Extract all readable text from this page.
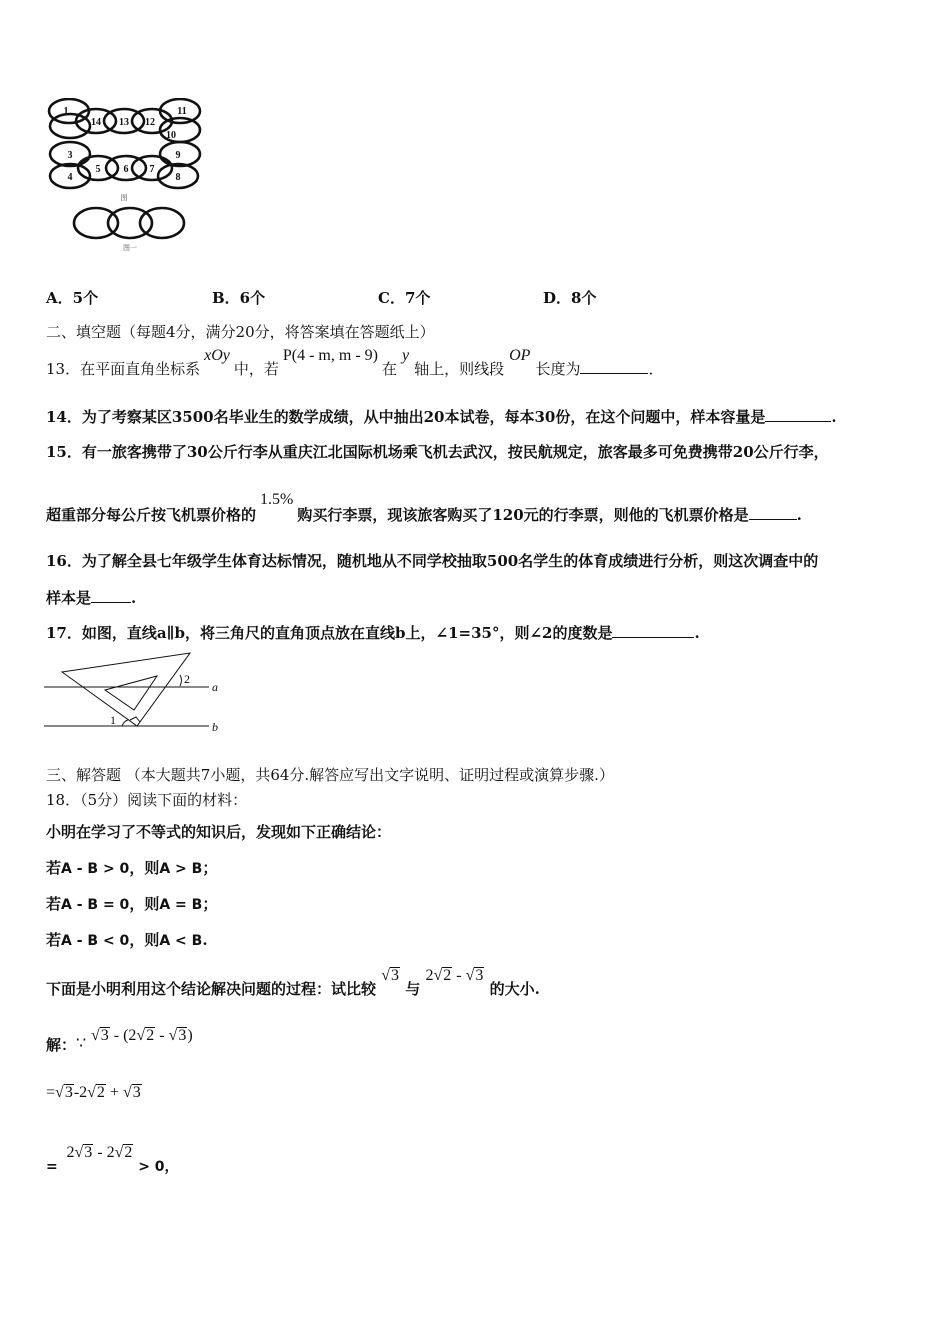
1
14 13 12
11
10
3	9
4
5 6 7
8
图
图一
A．5个	B．6个	C．7个	D．8个
二、填空题（每题4分，满分20分，将答案填在答题纸上）
13．在平面直角坐标系xOy中，若P(4 - m, m - 9)在y轴上，则线段OP长度为	．
14．为了考察某区3500名毕业生的数学成绩，从中抽出20本试卷，每本30份，在这个问题中，样本容量是	.
15．有一旅客携带了30公斤行李从重庆江北国际机场乘飞机去武汉，按民航规定，旅客最多可免费携带20公斤行李，
超重部分每公斤按飞机票价格的1.5%购买行李票，现该旅客购买了120元的行李票，则他的飞机票价格是	.
16．为了解全县七年级学生体育达标情况，随机地从不同学校抽取500名学生的体育成绩进行分析，则这次调查中的
样本是	.
17．如图，直线a∥b，将三角尺的直角顶点放在直线b上，∠1=35°，则∠2的度数是	.
2
1
a
b
三、解答题 （本大题共7小题，共64分.解答应写出文字说明、证明过程或演算步骤.）
18．（5分）阅读下面的材料：
小明在学习了不等式的知识后，发现如下正确结论：
若A - B > 0，则A > B；
若A - B = 0，则A = B；
若A - B < 0，则A < B.
下面是小明利用这个结论解决问题的过程：试比较 √3 与 2√2 - √3 的大小.
解：∵ √3 - (2√2 - √3)
=√3-2√2 + √3
= 2√3 - 2√2 > 0，
